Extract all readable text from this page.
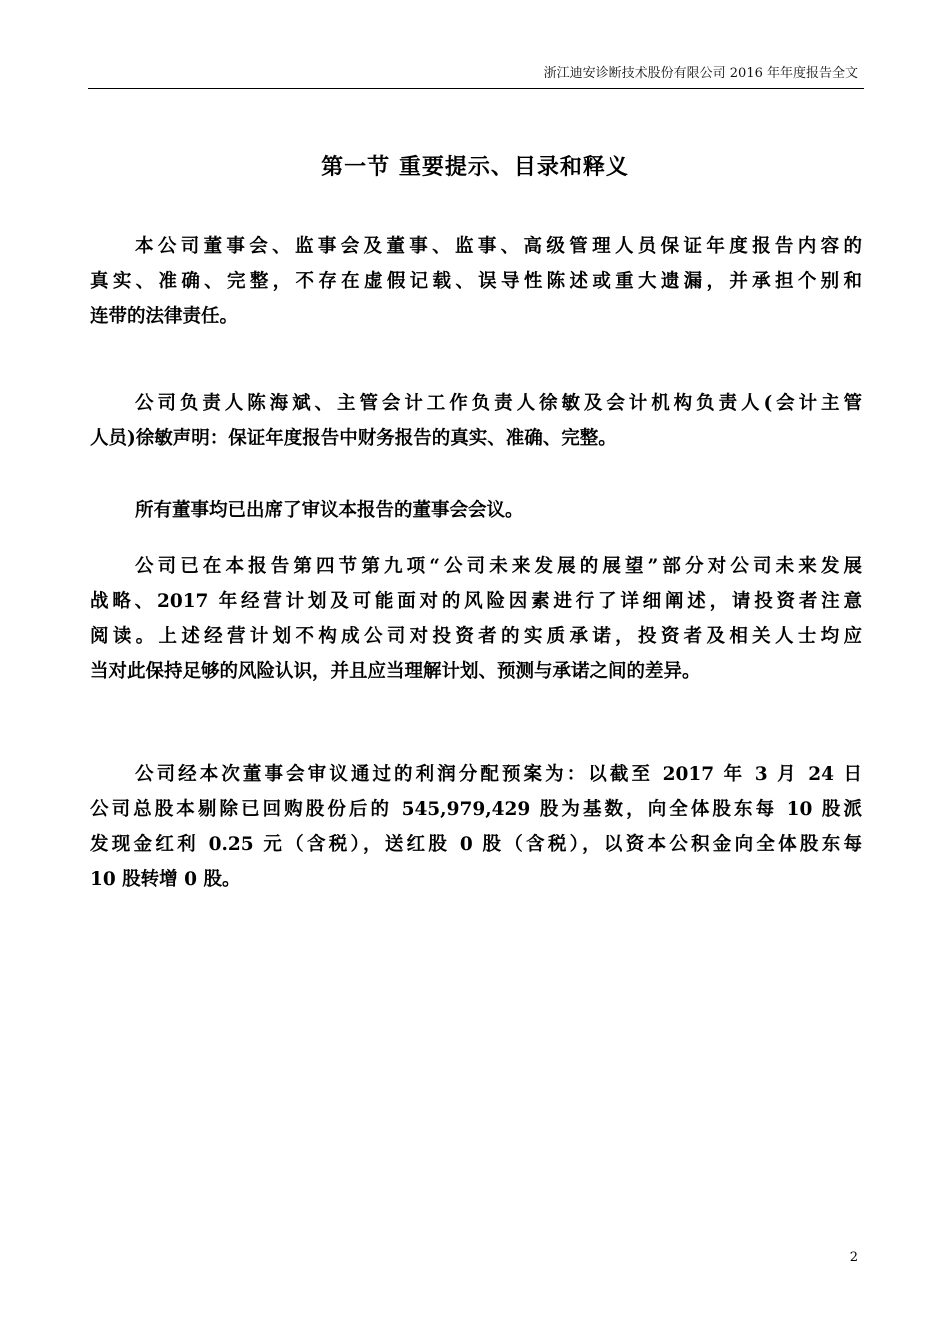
浙江迪安诊断技术股份有限公司 2016 年年度报告全文
第一节 重要提示、目录和释义
本公司董事会、监事会及董事、监事、高级管理人员保证年度报告内容的
真实、准确、完整，不存在虚假记载、误导性陈述或重大遗漏，并承担个别和
连带的法律责任。
公司负责人陈海斌、主管会计工作负责人徐敏及会计机构负责人(会计主管
人员)徐敏声明：保证年度报告中财务报告的真实、准确、完整。
所有董事均已出席了审议本报告的董事会会议。
公司已在本报告第四节第九项“公司未来发展的展望”部分对公司未来发展
战略、2017 年经营计划及可能面对的风险因素进行了详细阐述，请投资者注意
阅读。上述经营计划不构成公司对投资者的实质承诺，投资者及相关人士均应
当对此保持足够的风险认识，并且应当理解计划、预测与承诺之间的差异。
公司经本次董事会审议通过的利润分配预案为：以截至 2017 年 3 月 24 日
公司总股本剔除已回购股份后的 545,979,429 股为基数，向全体股东每 10 股派
发现金红利 0.25 元（含税），送红股 0 股（含税），以资本公积金向全体股东每
10 股转增 0 股。
2
